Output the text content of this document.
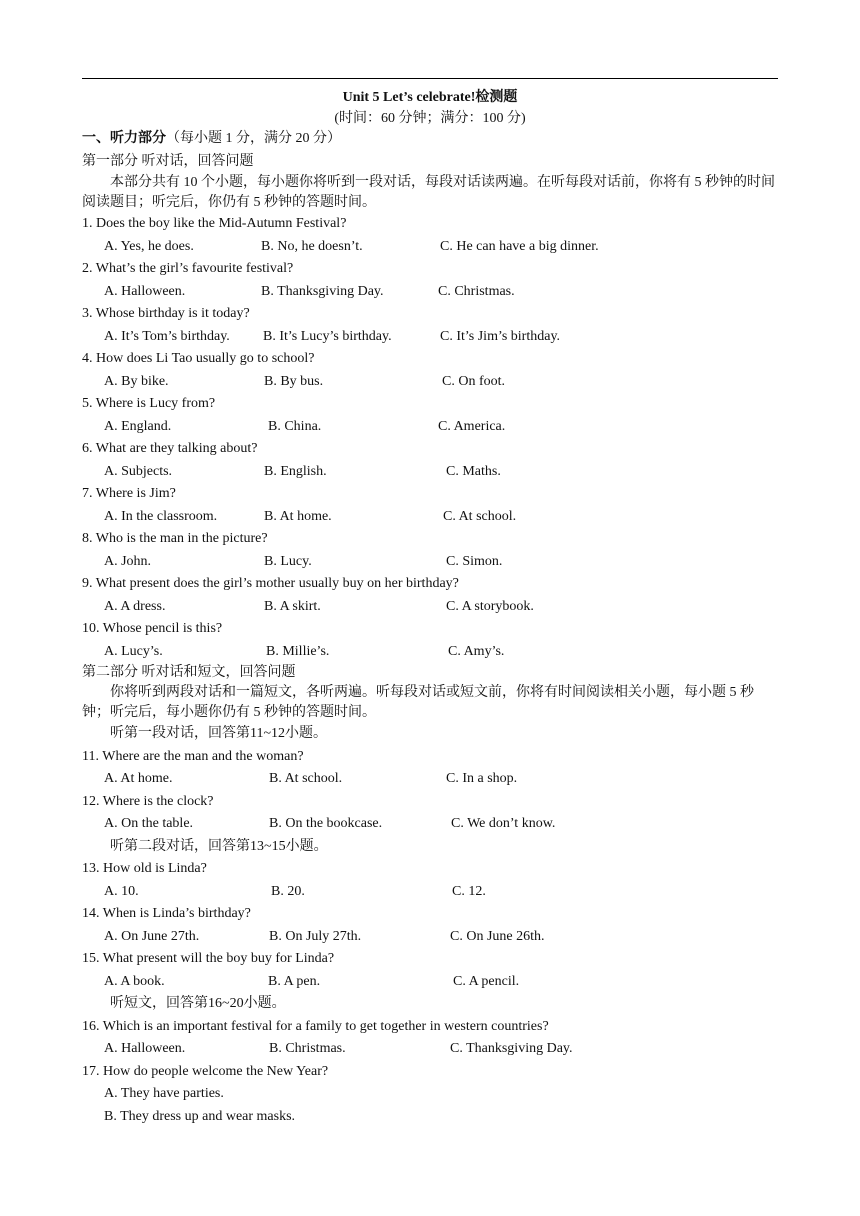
Unit 5 Let’s celebrate!检测题
(时间：60 分钟；满分：100 分)
一、听力部分（每小题 1 分，满分 20 分）
第一部分 听对话，回答问题
本部分共有 10 个小题，每小题你将听到一段对话，每段对话读两遍。在听每段对话前，你将有 5 秒钟的时间阅读题目；听完后，你仍有 5 秒钟的答题时间。
1. Does the boy like the Mid-Autumn Festival?
A. Yes, he does.	B. No, he doesn’t.	C. He can have a big dinner.
2. What’s the girl’s favourite festival?
A. Halloween.	B. Thanksgiving Day.	C. Christmas.
3. Whose birthday is it today?
A. It’s Tom’s birthday. B. It’s Lucy’s birthday.	C. It’s Jim’s birthday.
4. How does Li Tao usually go to school?
A. By bike.	B. By bus.	C. On foot.
5. Where is Lucy from?
A. England.	B. China.	C. America.
6. What are they talking about?
A. Subjects.	B. English.	C. Maths.
7. Where is Jim?
A. In the classroom.	B. At home.	C. At school.
8. Who is the man in the picture?
A. John.	B. Lucy.	C. Simon.
9. What present does the girl’s mother usually buy on her birthday?
A. A dress.	B. A skirt.	C. A storybook.
10. Whose pencil is this?
A. Lucy’s.	B. Millie’s.	C. Amy’s.
第二部分 听对话和短文，回答问题
你将听到两段对话和一篇短文，各听两遍。听每段对话或短文前，你将有时间阅读相关小题，每小题 5 秒钟；听完后，每小题你仍有 5 秒钟的答题时间。
听第一段对话，回答第11~12小题。
11. Where are the man and the woman?
A. At home.	B. At school.	C. In a shop.
12. Where is the clock?
A. On the table.	B. On the bookcase.	C. We don’t know.
听第二段对话，回答第13~15小题。
13. How old is Linda?
A. 10.	B. 20.	C. 12.
14. When is Linda’s birthday?
A. On June 27th.	B. On July 27th.	C. On June 26th.
15. What present will the boy buy for Linda?
A. A book.	B. A pen.	C. A pencil.
听短文，回答第16~20小题。
16. Which is an important festival for a family to get together in western countries?
A. Halloween.	B. Christmas.	C. Thanksgiving Day.
17. How do people welcome the New Year?
A. They have parties.
B. They dress up and wear masks.
